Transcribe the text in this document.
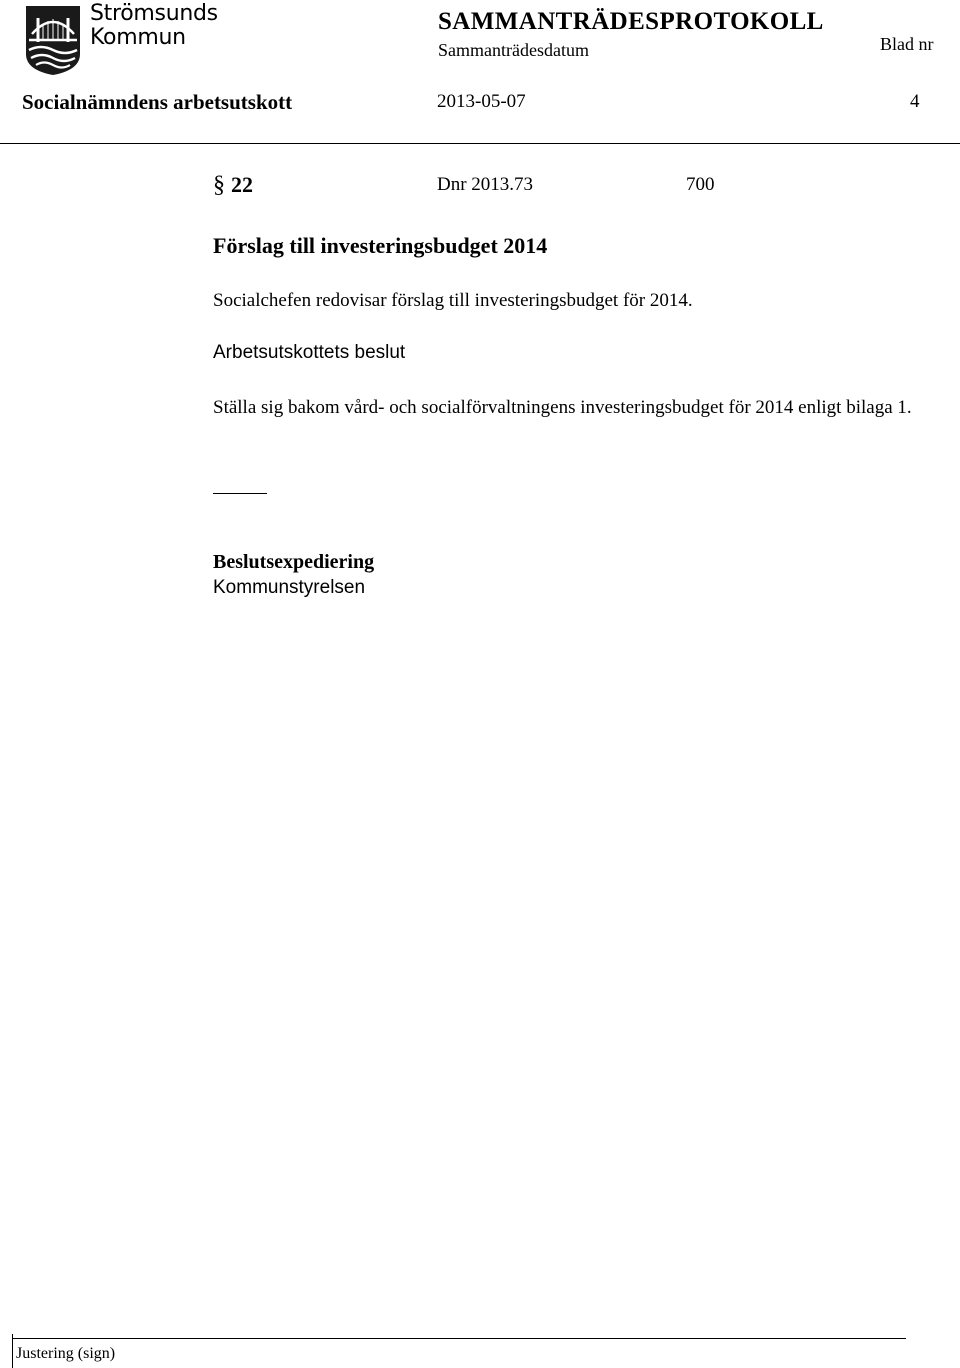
Strömsunds
Kommun
SAMMANTRÄDESPROTOKOLL
Sammanträdesdatum	Blad nr
Socialnämndens arbetsutskott	2013-05-07	4
§ 22	Dnr 2013.73	700
Förslag till investeringsbudget 2014
Socialchefen redovisar förslag till investeringsbudget för 2014.
Arbetsutskottets beslut
Ställa sig bakom vård- och socialförvaltningens investeringsbudget för 2014 enligt bilaga 1.
Beslutsexpediering
Kommunstyrelsen
Justering (sign)
